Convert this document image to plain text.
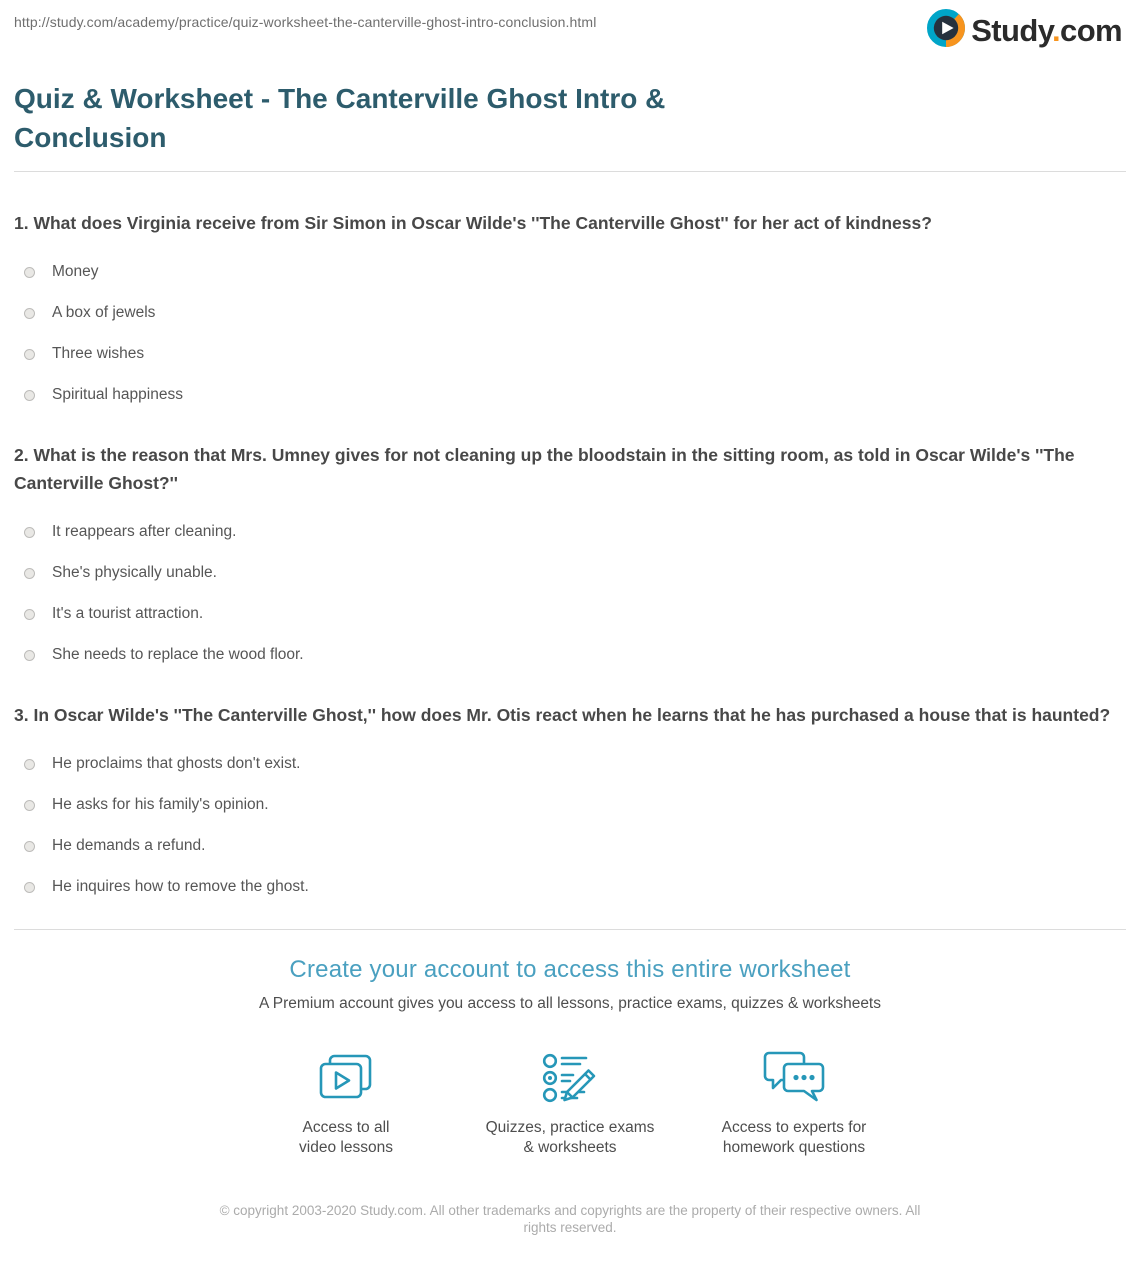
http://study.com/academy/practice/quiz-worksheet-the-canterville-ghost-intro-conclusion.html	Study.com
Quiz & Worksheet - The Canterville Ghost Intro & Conclusion
1. What does Virginia receive from Sir Simon in Oscar Wilde's ''The Canterville Ghost'' for her act of kindness?
Money
A box of jewels
Three wishes
Spiritual happiness
2. What is the reason that Mrs. Umney gives for not cleaning up the bloodstain in the sitting room, as told in Oscar Wilde's ''The Canterville Ghost?''
It reappears after cleaning.
She's physically unable.
It's a tourist attraction.
She needs to replace the wood floor.
3. In Oscar Wilde's ''The Canterville Ghost,'' how does Mr. Otis react when he learns that he has purchased a house that is haunted?
He proclaims that ghosts don't exist.
He asks for his family's opinion.
He demands a refund.
He inquires how to remove the ghost.
Create your account to access this entire worksheet
A Premium account gives you access to all lessons, practice exams, quizzes & worksheets
Access to all
video lessons
Quizzes, practice exams
& worksheets
Access to experts for
homework questions
© copyright 2003-2020 Study.com. All other trademarks and copyrights are the property of their respective owners. All rights reserved.
